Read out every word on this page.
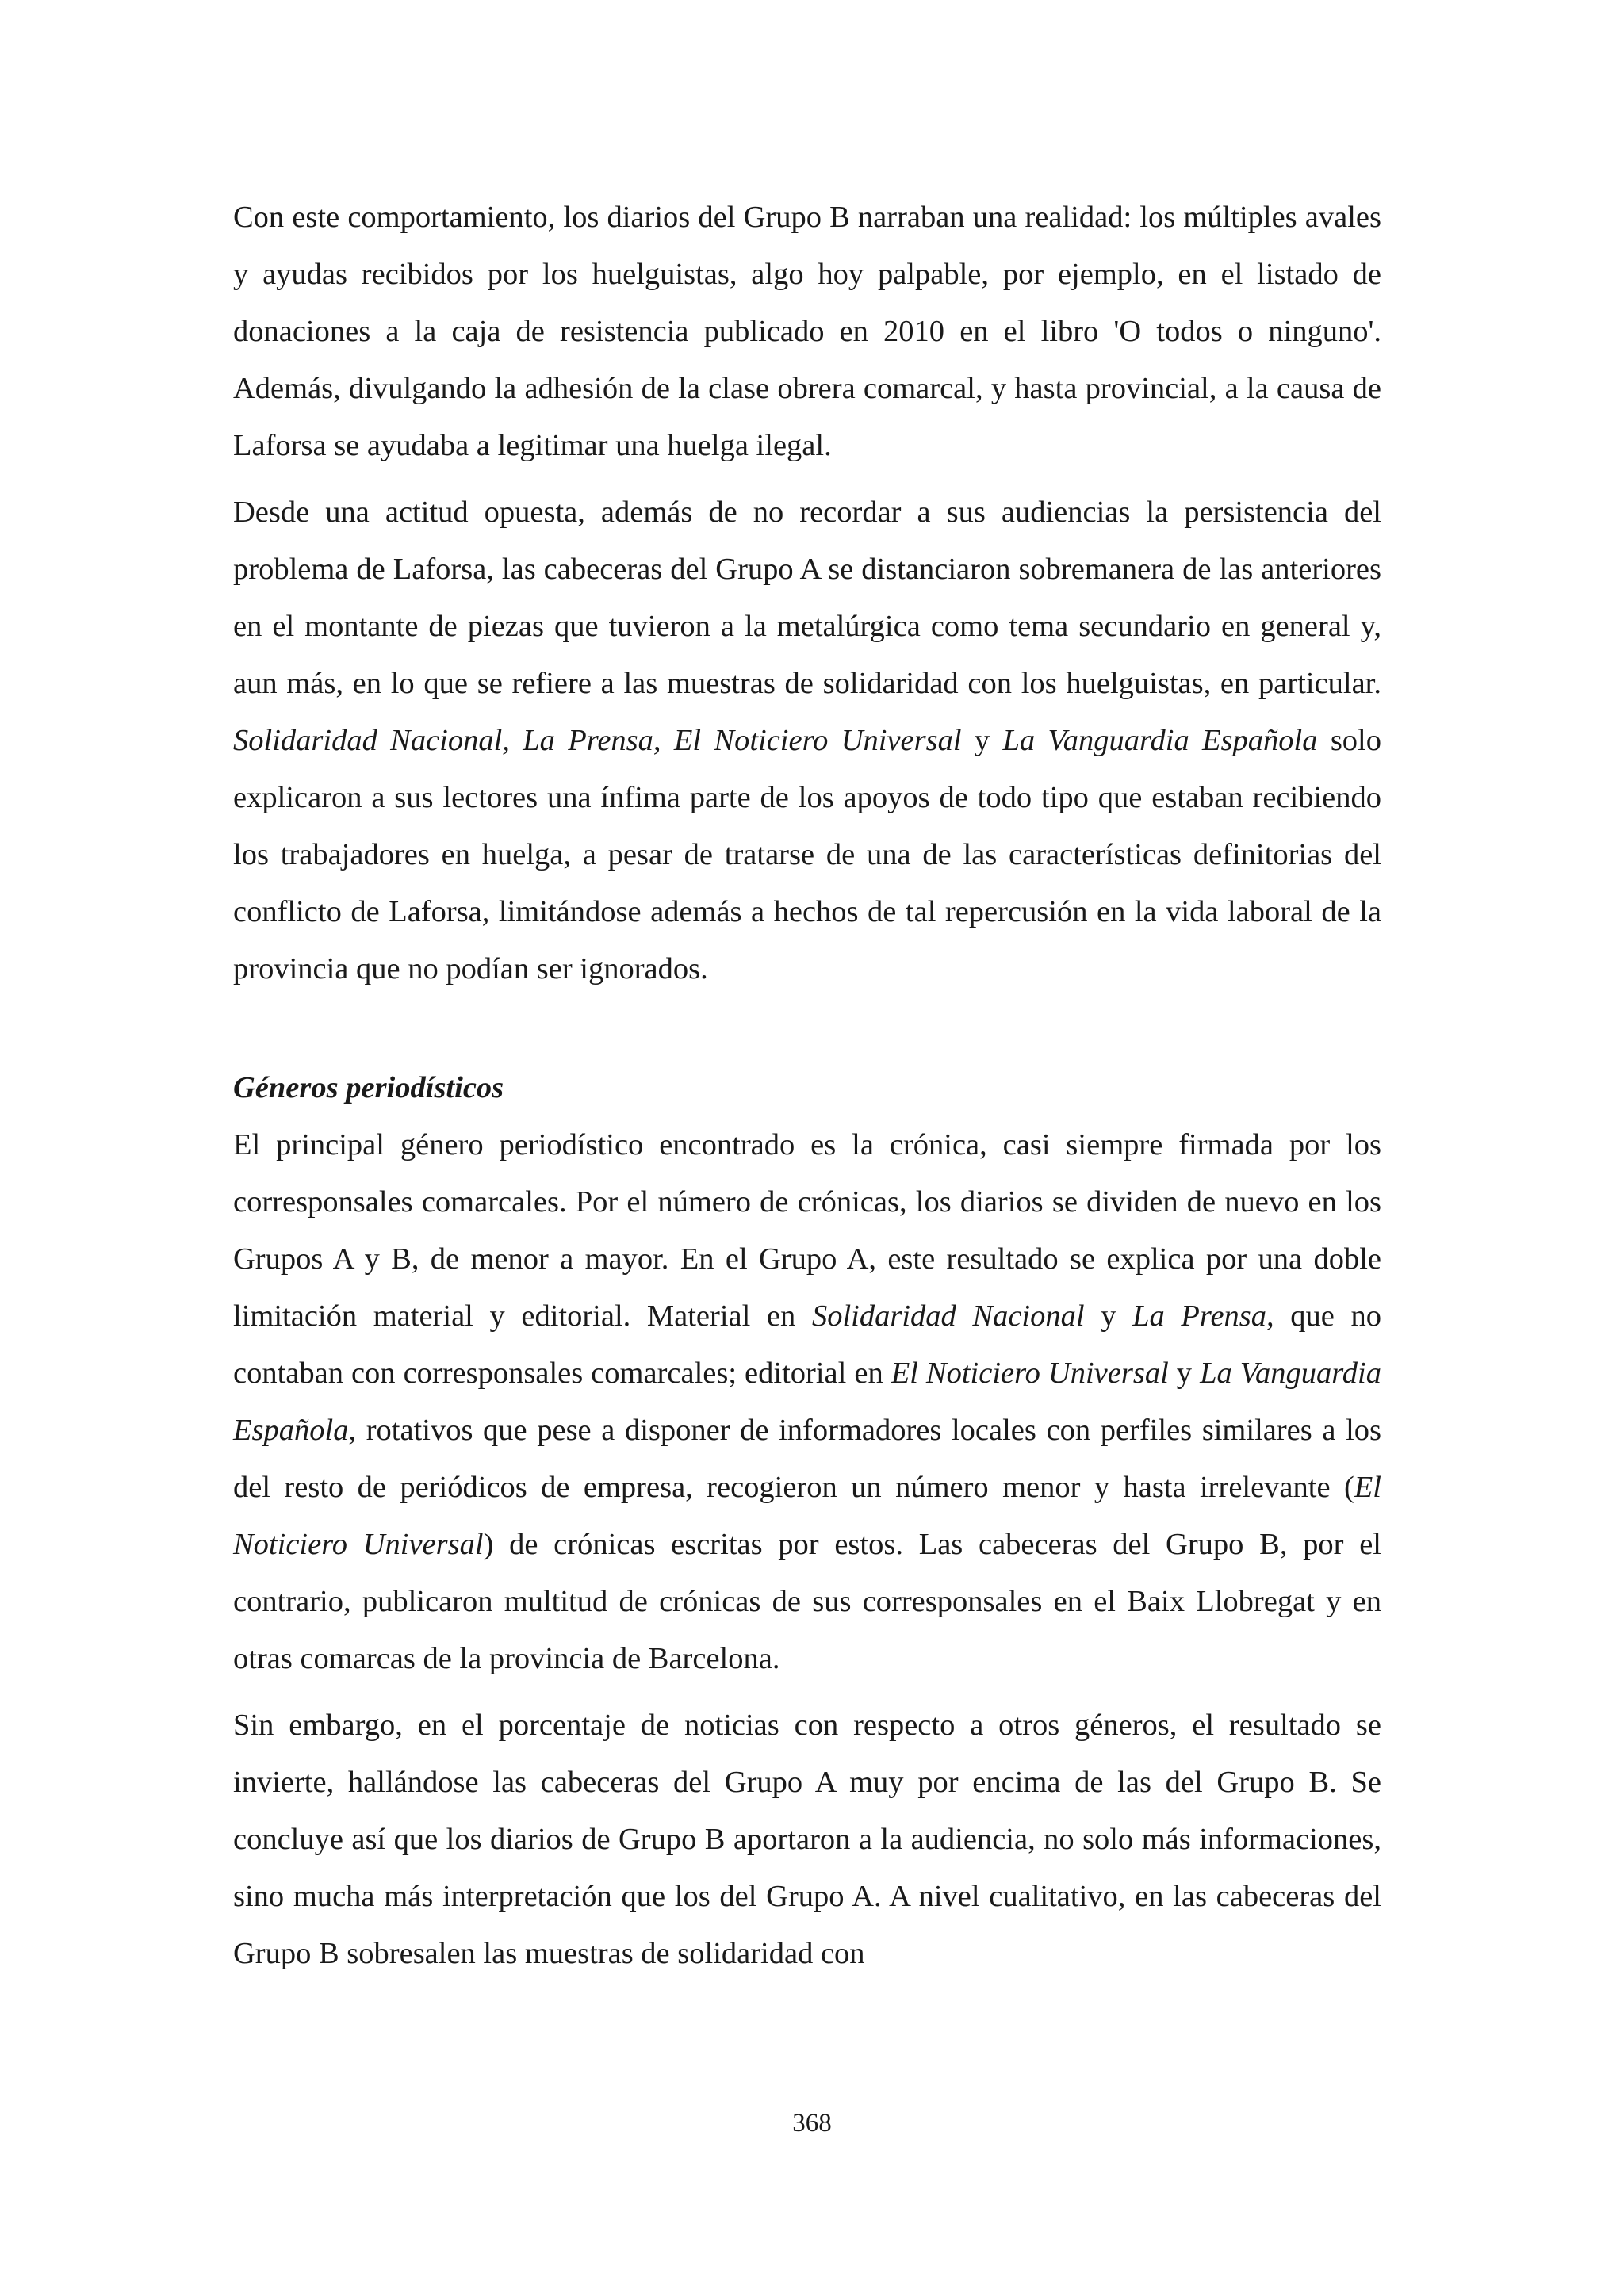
Con este comportamiento, los diarios del Grupo B narraban una realidad: los múltiples avales y ayudas recibidos por los huelguistas, algo hoy palpable, por ejemplo, en el listado de donaciones a la caja de resistencia publicado en 2010 en el libro 'O todos o ninguno'. Además, divulgando la adhesión de la clase obrera comarcal, y hasta provincial, a la causa de Laforsa se ayudaba a legitimar una huelga ilegal.

Desde una actitud opuesta, además de no recordar a sus audiencias la persistencia del problema de Laforsa, las cabeceras del Grupo A se distanciaron sobremanera de las anteriores en el montante de piezas que tuvieron a la metalúrgica como tema secundario en general y, aun más, en lo que se refiere a las muestras de solidaridad con los huelguistas, en particular. Solidaridad Nacional, La Prensa, El Noticiero Universal y La Vanguardia Española solo explicaron a sus lectores una ínfima parte de los apoyos de todo tipo que estaban recibiendo los trabajadores en huelga, a pesar de tratarse de una de las características definitorias del conflicto de Laforsa, limitándose además a hechos de tal repercusión en la vida laboral de la provincia que no podían ser ignorados.

Géneros periodísticos

El principal género periodístico encontrado es la crónica, casi siempre firmada por los corresponsales comarcales. Por el número de crónicas, los diarios se dividen de nuevo en los Grupos A y B, de menor a mayor. En el Grupo A, este resultado se explica por una doble limitación material y editorial. Material en Solidaridad Nacional y La Prensa, que no contaban con corresponsales comarcales; editorial en El Noticiero Universal y La Vanguardia Española, rotativos que pese a disponer de informadores locales con perfiles similares a los del resto de periódicos de empresa, recogieron un número menor y hasta irrelevante (El Noticiero Universal) de crónicas escritas por estos. Las cabeceras del Grupo B, por el contrario, publicaron multitud de crónicas de sus corresponsales en el Baix Llobregat y en otras comarcas de la provincia de Barcelona.

Sin embargo, en el porcentaje de noticias con respecto a otros géneros, el resultado se invierte, hallándose las cabeceras del Grupo A muy por encima de las del Grupo B. Se concluye así que los diarios de Grupo B aportaron a la audiencia, no solo más informaciones, sino mucha más interpretación que los del Grupo A. A nivel cualitativo, en las cabeceras del Grupo B sobresalen las muestras de solidaridad con

368
